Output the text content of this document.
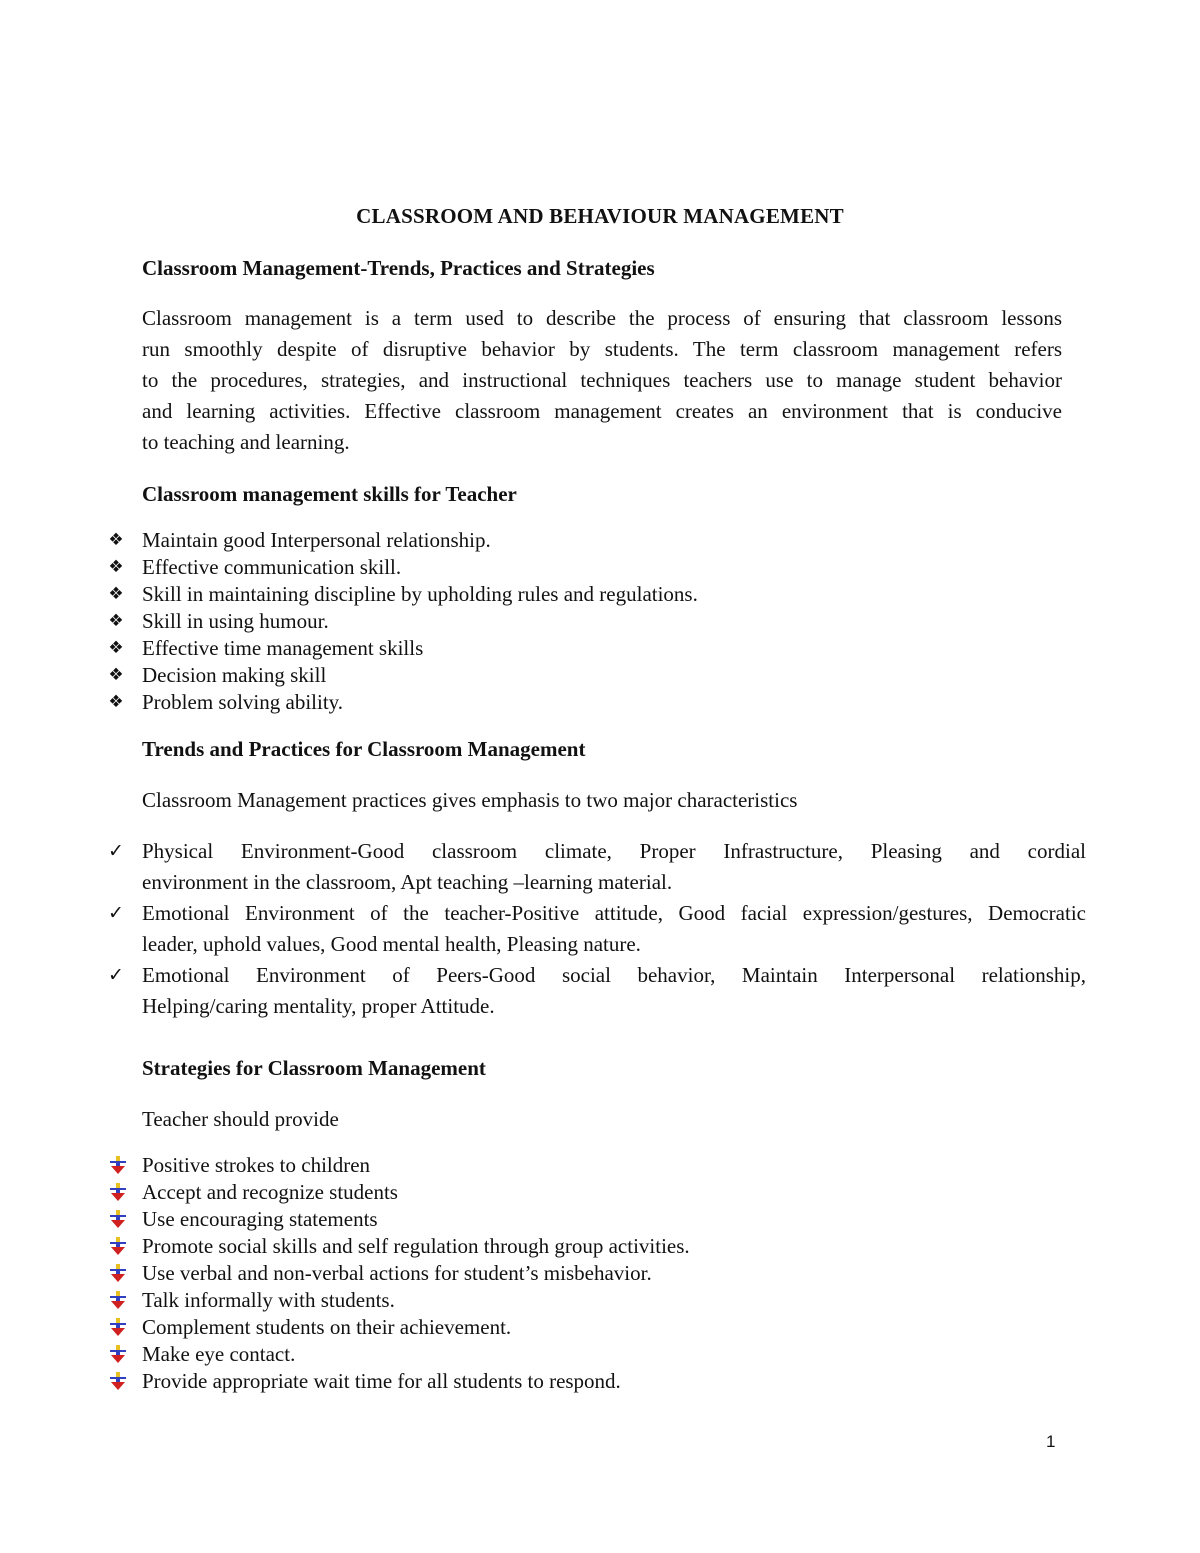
CLASSROOM AND BEHAVIOUR MANAGEMENT
Classroom Management-Trends, Practices and Strategies
Classroom management is a term used to describe the process of ensuring that classroom lessons
run smoothly despite of disruptive behavior by students. The term classroom management refers
to the procedures, strategies, and instructional techniques teachers use to manage student behavior
and learning activities. Effective classroom management creates an environment that is conducive
to teaching and learning.
Classroom management skills for Teacher
❖ Maintain good Interpersonal relationship.
❖ Effective communication skill.
❖ Skill in maintaining discipline by upholding rules and regulations.
❖ Skill in using humour.
❖ Effective time management skills
❖ Decision making skill
❖ Problem solving ability.
Trends and Practices for Classroom Management
Classroom Management practices gives emphasis to two major characteristics
✓ Physical Environment-Good classroom climate, Proper Infrastructure, Pleasing and cordial
environment in the classroom, Apt teaching –learning material.
✓ Emotional Environment of the teacher-Positive attitude, Good facial expression/gestures, Democratic
leader, uphold values, Good mental health, Pleasing nature.
✓ Emotional Environment of Peers-Good social behavior, Maintain Interpersonal relationship,
Helping/caring mentality, proper Attitude.
Strategies for Classroom Management
Teacher should provide
Positive strokes to children
Accept and recognize students
Use encouraging statements
Promote social skills and self regulation through group activities.
Use verbal and non-verbal actions for student’s misbehavior.
Talk informally with students.
Complement students on their achievement.
Make eye contact.
Provide appropriate wait time for all students to respond.
1
